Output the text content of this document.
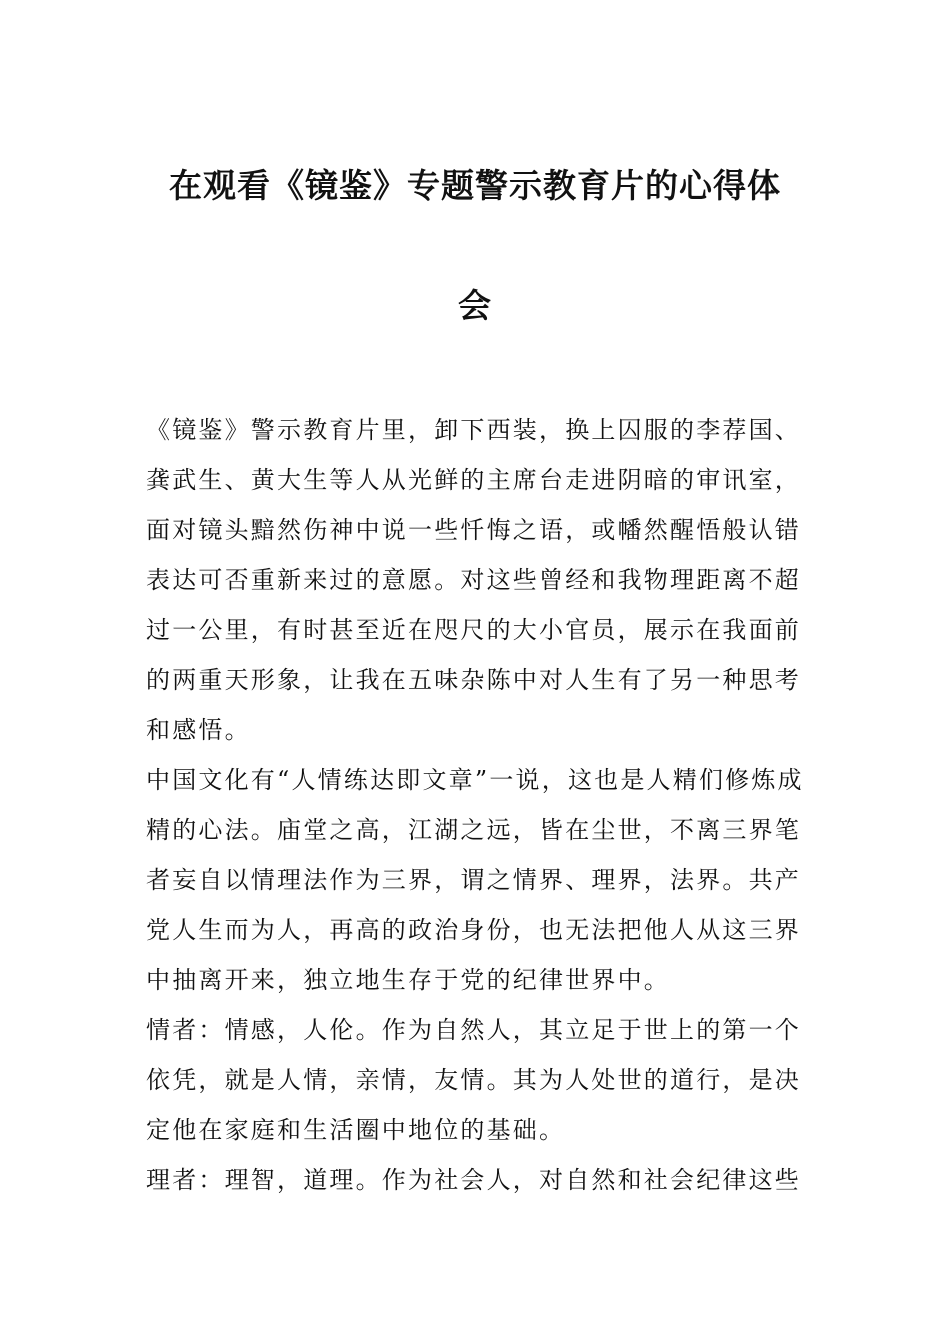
在观看《镜鉴》专题警示教育片的心得体
会

《镜鉴》警示教育片里，卸下西装，换上囚服的李荐国、龚武生、黄大生等人从光鲜的主席台走进阴暗的审讯室，面对镜头黯然伤神中说一些忏悔之语，或幡然醒悟般认错表达可否重新来过的意愿。对这些曾经和我物理距离不超过一公里，有时甚至近在咫尺的大小官员，展示在我面前的两重天形象，让我在五味杂陈中对人生有了另一种思考和感悟。

中国文化有“人情练达即文章”一说，这也是人精们修炼成精的心法。庙堂之高，江湖之远，皆在尘世，不离三界笔者妄自以情理法作为三界，谓之情界、理界，法界。共产党人生而为人，再高的政治身份，也无法把他人从这三界中抽离开来，独立地生存于党的纪律世界中。

情者：情感，人伦。作为自然人，其立足于世上的第一个依凭，就是人情，亲情，友情。其为人处世的道行，是决定他在家庭和生活圈中地位的基础。

理者：理智，道理。作为社会人，对自然和社会纪律这些
